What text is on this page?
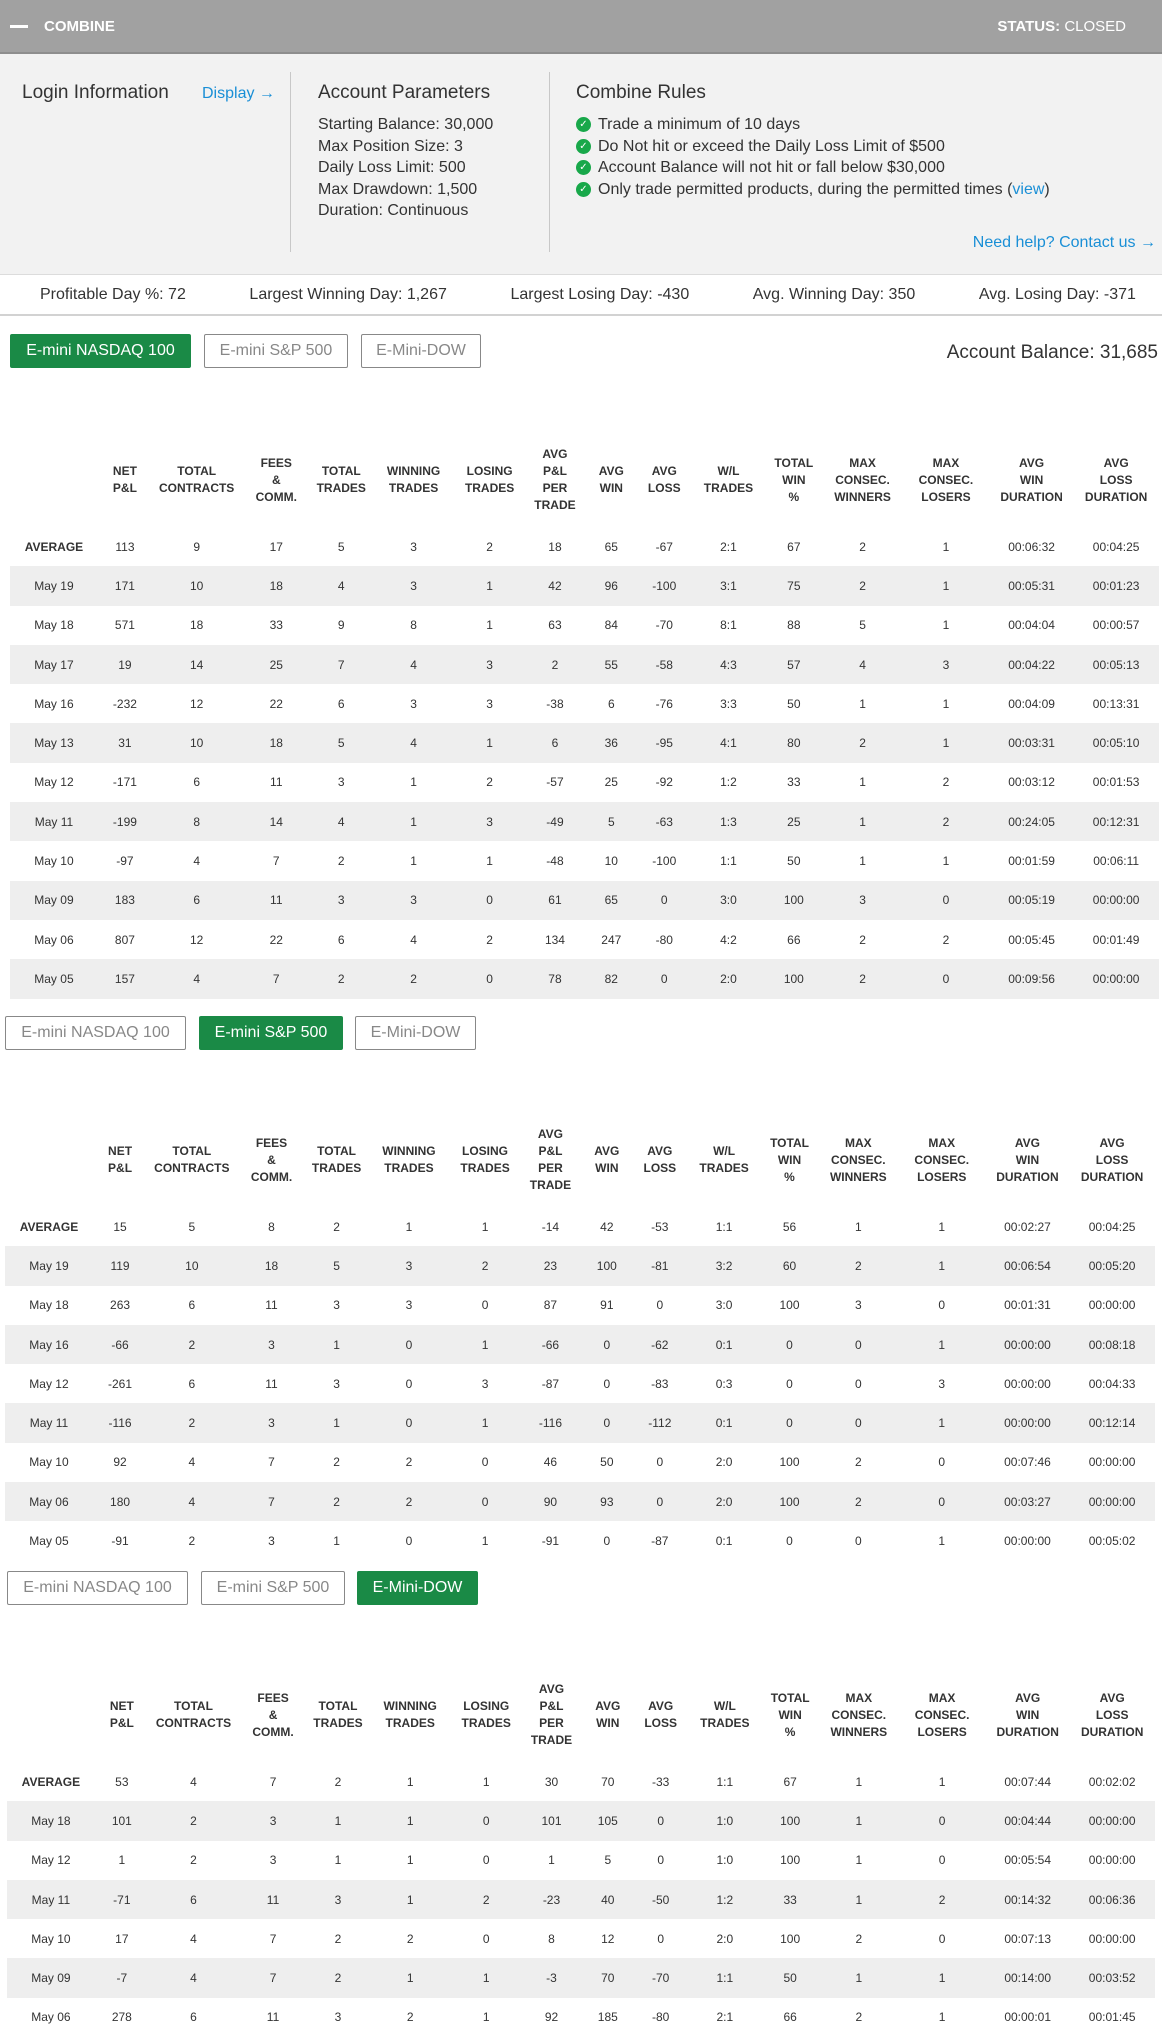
COMBINE	STATUS: CLOSED
Login Information Display → Account Parameters
Starting Balance: 30,000
Max Position Size: 3
Daily Loss Limit: 500
Max Drawdown: 1,500
Duration: Continuous
Combine Rules
✓ Trade a minimum of 10 days
✓ Do Not hit or exceed the Daily Loss Limit of $500
✓ Account Balance will not hit or fall below $30,000
✓ Only trade permitted products, during the permitted times ( view )
Need help? Contact us →
Profitable Day %: 72	Largest Winning Day: 1,267	Largest Losing Day: -430	Avg. Winning Day: 350	Avg. Losing Day: -371
E-mini NASDAQ 100	E-mini S&P 500	E-Mini-DOW	Account Balance: 31,685
	NET P&L	TOTAL CONTRACTS	FEES & COMM.	TOTAL TRADES	WINNING TRADES	LOSING TRADES	AVG P&L PER TRADE	AVG WIN	AVG LOSS	W/L TRADES	TOTAL WIN %	MAX CONSEC. WINNERS	MAX CONSEC. LOSERS	AVG WIN DURATION	AVG LOSS DURATION
AVERAGE	113	9	17	5	3	2	18	65	-67	2:1	67	2	1	00:06:32	00:04:25
May 19	171	10	18	4	3	1	42	96	-100	3:1	75	2	1	00:05:31	00:01:23
May 18	571	18	33	9	8	1	63	84	-70	8:1	88	5	1	00:04:04	00:00:57
May 17	19	14	25	7	4	3	2	55	-58	4:3	57	4	3	00:04:22	00:05:13
May 16	-232	12	22	6	3	3	-38	6	-76	3:3	50	1	1	00:04:09	00:13:31
May 13	31	10	18	5	4	1	6	36	-95	4:1	80	2	1	00:03:31	00:05:10
May 12	-171	6	11	3	1	2	-57	25	-92	1:2	33	1	2	00:03:12	00:01:53
May 11	-199	8	14	4	1	3	-49	5	-63	1:3	25	1	2	00:24:05	00:12:31
May 10	-97	4	7	2	1	1	-48	10	-100	1:1	50	1	1	00:01:59	00:06:11
May 09	183	6	11	3	3	0	61	65	0	3:0	100	3	0	00:05:19	00:00:00
May 06	807	12	22	6	4	2	134	247	-80	4:2	66	2	2	00:05:45	00:01:49
May 05	157	4	7	2	2	0	78	82	0	2:0	100	2	0	00:09:56	00:00:00
E-mini NASDAQ 100	E-mini S&P 500	E-Mini-DOW
	NET P&L	TOTAL CONTRACTS	FEES & COMM.	TOTAL TRADES	WINNING TRADES	LOSING TRADES	AVG P&L PER TRADE	AVG WIN	AVG LOSS	W/L TRADES	TOTAL WIN %	MAX CONSEC. WINNERS	MAX CONSEC. LOSERS	AVG WIN DURATION	AVG LOSS DURATION
AVERAGE	15	5	8	2	1	1	-14	42	-53	1:1	56	1	1	00:02:27	00:04:25
May 19	119	10	18	5	3	2	23	100	-81	3:2	60	2	1	00:06:54	00:05:20
May 18	263	6	11	3	3	0	87	91	0	3:0	100	3	0	00:01:31	00:00:00
May 16	-66	2	3	1	0	1	-66	0	-62	0:1	0	0	1	00:00:00	00:08:18
May 12	-261	6	11	3	0	3	-87	0	-83	0:3	0	0	3	00:00:00	00:04:33
May 11	-116	2	3	1	0	1	-116	0	-112	0:1	0	0	1	00:00:00	00:12:14
May 10	92	4	7	2	2	0	46	50	0	2:0	100	2	0	00:07:46	00:00:00
May 06	180	4	7	2	2	0	90	93	0	2:0	100	2	0	00:03:27	00:00:00
May 05	-91	2	3	1	0	1	-91	0	-87	0:1	0	0	1	00:00:00	00:05:02
E-mini NASDAQ 100	E-mini S&P 500	E-Mini-DOW
	NET P&L	TOTAL CONTRACTS	FEES & COMM.	TOTAL TRADES	WINNING TRADES	LOSING TRADES	AVG P&L PER TRADE	AVG WIN	AVG LOSS	W/L TRADES	TOTAL WIN %	MAX CONSEC. WINNERS	MAX CONSEC. LOSERS	AVG WIN DURATION	AVG LOSS DURATION
AVERAGE	53	4	7	2	1	1	30	70	-33	1:1	67	1	1	00:07:44	00:02:02
May 18	101	2	3	1	1	0	101	105	0	1:0	100	1	0	00:04:44	00:00:00
May 12	1	2	3	1	1	0	1	5	0	1:0	100	1	0	00:05:54	00:00:00
May 11	-71	6	11	3	1	2	-23	40	-50	1:2	33	1	2	00:14:32	00:06:36
May 10	17	4	7	2	2	0	8	12	0	2:0	100	2	0	00:07:13	00:00:00
May 09	-7	4	7	2	1	1	-3	70	-70	1:1	50	1	1	00:14:00	00:03:52
May 06	278	6	11	3	2	1	92	185	-80	2:1	66	2	1	00:00:01	00:01:45
